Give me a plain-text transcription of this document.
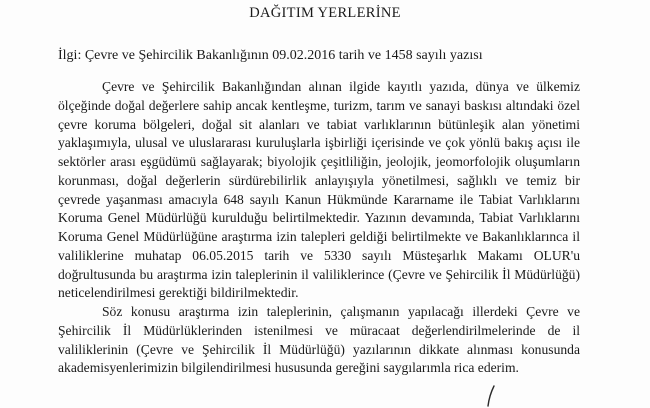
DAĞITIM YERLERİNE
İlgi: Çevre ve Şehircilik Bakanlığının 09.02.2016 tarih ve 1458 sayılı yazısı
Çevre ve Şehircilik Bakanlığından alınan ilgide kayıtlı yazıda, dünya ve ülkemiz
ölçeğinde doğal değerlere sahip ancak kentleşme, turizm, tarım ve sanayi baskısı altındaki özel
çevre koruma bölgeleri, doğal sit alanları ve tabiat varlıklarının bütünleşik alan yönetimi
yaklaşımıyla, ulusal ve uluslararası kuruluşlarla işbirliği içerisinde ve çok yönlü bakış açısı ile
sektörler arası eşgüdümü sağlayarak; biyolojik çeşitliliğin, jeolojik, jeomorfolojik oluşumların
korunması, doğal değerlerin sürdürebilirlik anlayışıyla yönetilmesi, sağlıklı ve temiz bir
çevrede yaşanması amacıyla 648 sayılı Kanun Hükmünde Kararname ile Tabiat Varlıklarını
Koruma Genel Müdürlüğü kurulduğu belirtilmektedir. Yazının devamında, Tabiat Varlıklarını
Koruma Genel Müdürlüğüne araştırma izin talepleri geldiği belirtilmekte ve Bakanlıklarınca il
valiliklerine muhatap 06.05.2015 tarih ve 5330 sayılı Müsteşarlık Makamı OLUR'u
doğrultusunda bu araştırma izin taleplerinin il valiliklerince (Çevre ve Şehircilik İl Müdürlüğü)
neticelendirilmesi gerektiği bildirilmektedir.
Söz konusu araştırma izin taleplerinin, çalışmanın yapılacağı illerdeki Çevre ve
Şehircilik İl Müdürlüklerinden istenilmesi ve müracaat değerlendirilmelerinde de il
valiliklerinin (Çevre ve Şehircilik İl Müdürlüğü) yazılarının dikkate alınması konusunda
akademisyenlerimizin bilgilendirilmesi hususunda gereğini saygılarımla rica ederim.
